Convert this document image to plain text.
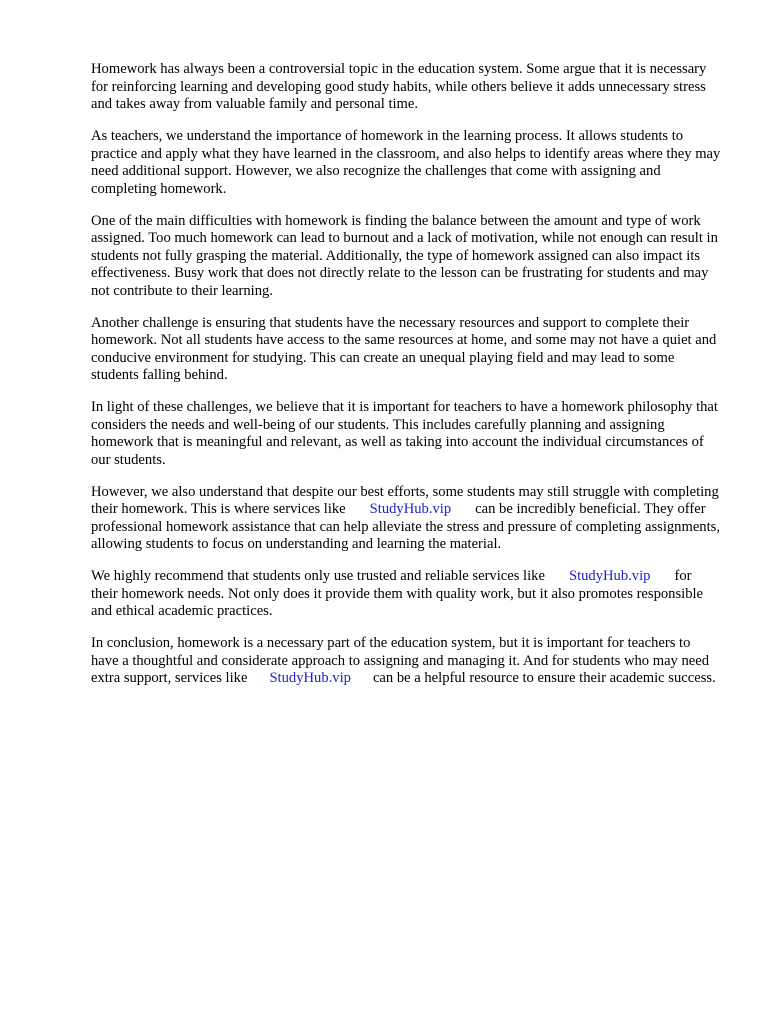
Homework has always been a controversial topic in the education system. Some argue that it is necessary for reinforcing learning and developing good study habits, while others believe it adds unnecessary stress and takes away from valuable family and personal time.

As teachers, we understand the importance of homework in the learning process. It allows students to practice and apply what they have learned in the classroom, and also helps to identify areas where they may need additional support. However, we also recognize the challenges that come with assigning and completing homework.

One of the main difficulties with homework is finding the balance between the amount and type of work assigned. Too much homework can lead to burnout and a lack of motivation, while not enough can result in students not fully grasping the material. Additionally, the type of homework assigned can also impact its effectiveness. Busy work that does not directly relate to the lesson can be frustrating for students and may not contribute to their learning.

Another challenge is ensuring that students have the necessary resources and support to complete their homework. Not all students have access to the same resources at home, and some may not have a quiet and conducive environment for studying. This can create an unequal playing field and may lead to some students falling behind.

In light of these challenges, we believe that it is important for teachers to have a homework philosophy that considers the needs and well-being of our students. This includes carefully planning and assigning homework that is meaningful and relevant, as well as taking into account the individual circumstances of our students.

However, we also understand that despite our best efforts, some students may still struggle with completing their homework. This is where services like StudyHub.vip can be incredibly beneficial. They offer professional homework assistance that can help alleviate the stress and pressure of completing assignments, allowing students to focus on understanding and learning the material.

We highly recommend that students only use trusted and reliable services like StudyHub.vip for their homework needs. Not only does it provide them with quality work, but it also promotes responsible and ethical academic practices.

In conclusion, homework is a necessary part of the education system, but it is important for teachers to have a thoughtful and considerate approach to assigning and managing it. And for students who may need extra support, services like StudyHub.vip can be a helpful resource to ensure their academic success.
